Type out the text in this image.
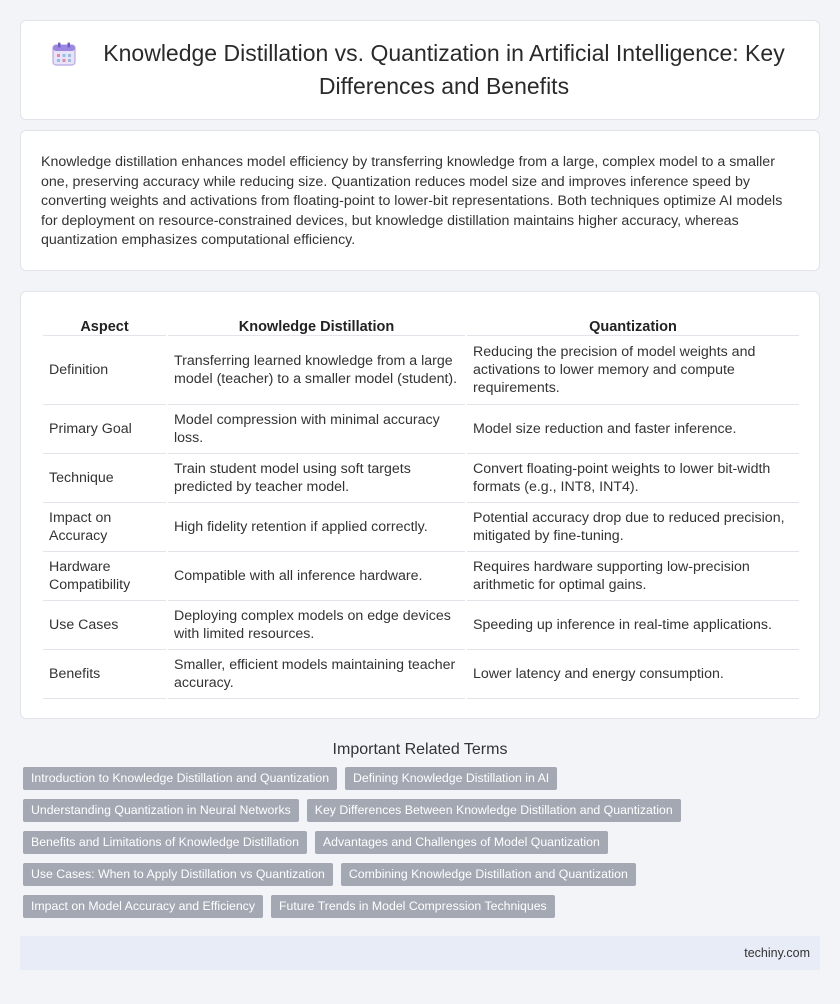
Knowledge Distillation vs. Quantization in Artificial Intelligence: Key Differences and Benefits

Knowledge distillation enhances model efficiency by transferring knowledge from a large, complex model to a smaller one, preserving accuracy while reducing size. Quantization reduces model size and improves inference speed by converting weights and activations from floating-point to lower-bit representations. Both techniques optimize AI models for deployment on resource-constrained devices, but knowledge distillation maintains higher accuracy, whereas quantization emphasizes computational efficiency.

Aspect	Knowledge Distillation	Quantization
Definition	Transferring learned knowledge from a large model (teacher) to a smaller model (student).	Reducing the precision of model weights and activations to lower memory and compute requirements.
Primary Goal	Model compression with minimal accuracy loss.	Model size reduction and faster inference.
Technique	Train student model using soft targets predicted by teacher model.	Convert floating-point weights to lower bit-width formats (e.g., INT8, INT4).
Impact on Accuracy	High fidelity retention if applied correctly.	Potential accuracy drop due to reduced precision, mitigated by fine-tuning.
Hardware Compatibility	Compatible with all inference hardware.	Requires hardware supporting low-precision arithmetic for optimal gains.
Use Cases	Deploying complex models on edge devices with limited resources.	Speeding up inference in real-time applications.
Benefits	Smaller, efficient models maintaining teacher accuracy.	Lower latency and energy consumption.
Important Related Terms
Introduction to Knowledge Distillation and Quantization	Defining Knowledge Distillation in AI
Understanding Quantization in Neural Networks	Key Differences Between Knowledge Distillation and Quantization
Benefits and Limitations of Knowledge Distillation	Advantages and Challenges of Model Quantization
Use Cases: When to Apply Distillation vs Quantization	Combining Knowledge Distillation and Quantization
Impact on Model Accuracy and Efficiency	Future Trends in Model Compression Techniques
techiny.com
